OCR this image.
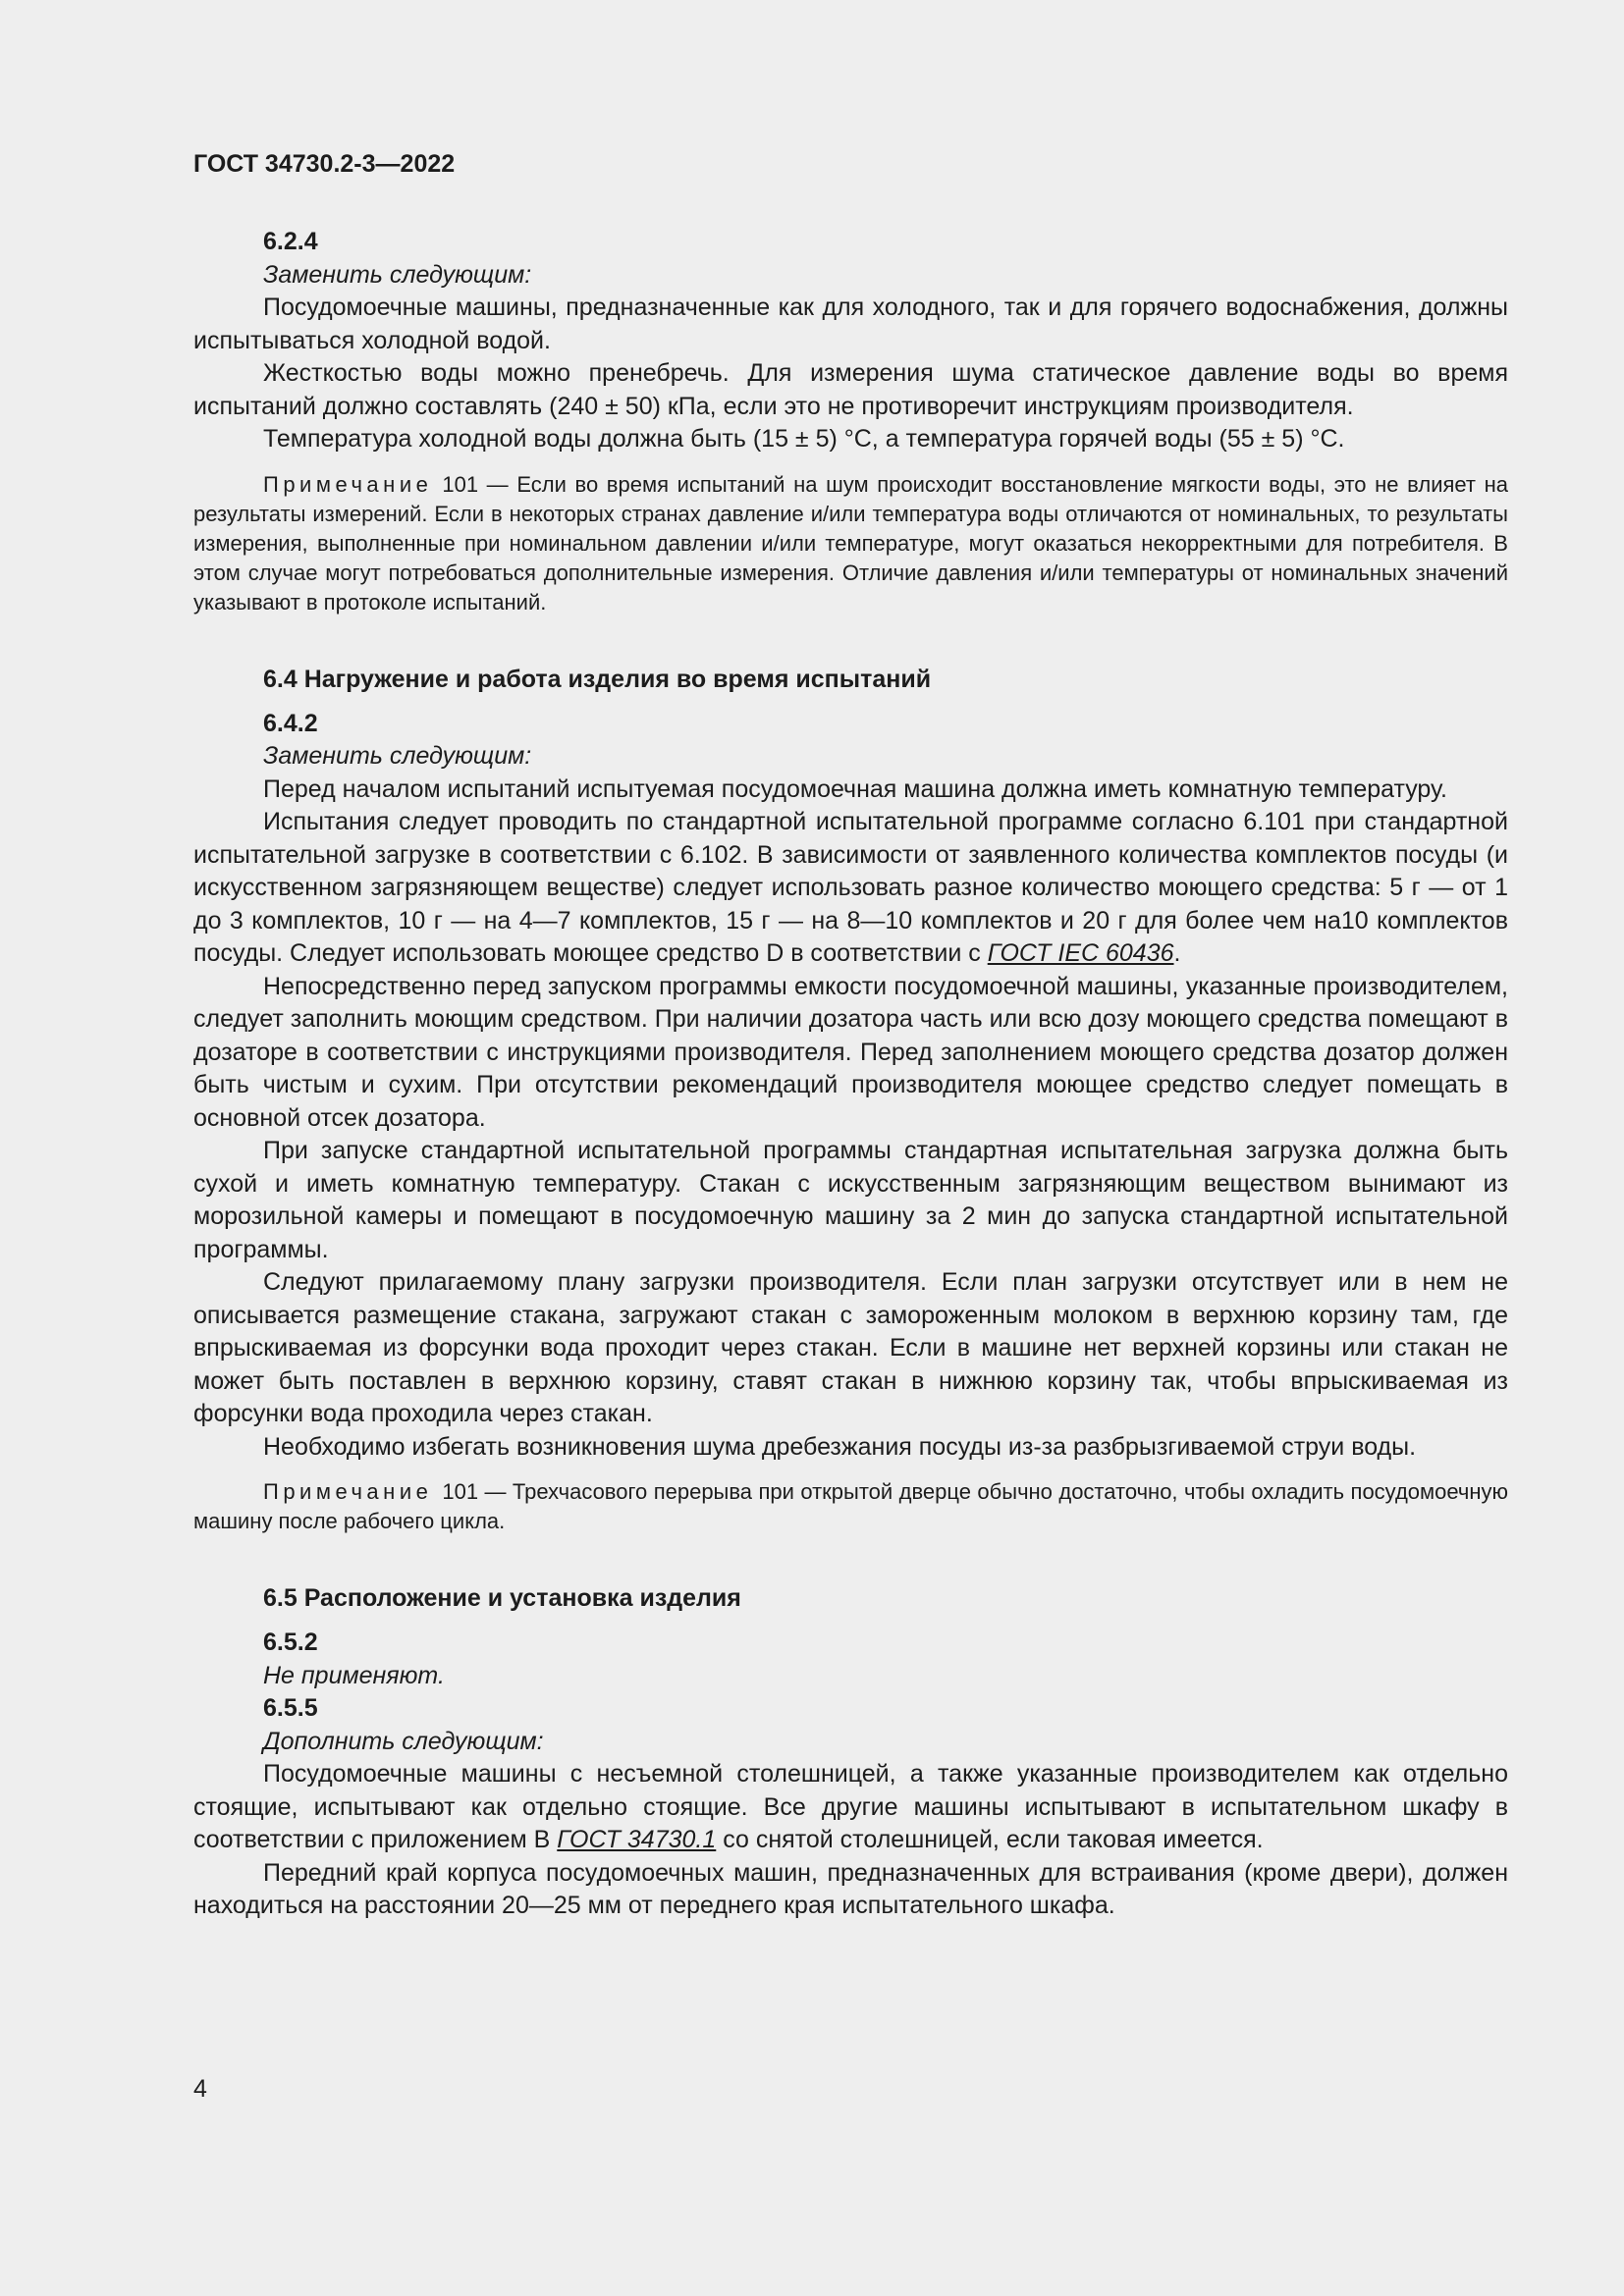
ГОСТ 34730.2-3—2022
6.2.4
Заменить следующим:

Посудомоечные машины, предназначенные как для холодного, так и для горячего водоснабжения, должны испытываться холодной водой.

Жесткостью воды можно пренебречь. Для измерения шума статическое давление воды во время испытаний должно составлять (240 ± 50) кПа, если это не противоречит инструкциям производителя.

Температура холодной воды должна быть (15 ± 5) °С, а температура горячей воды (55 ± 5) °С.

Примечание 101 — Если во время испытаний на шум происходит восстановление мягкости воды, это не влияет на результаты измерений. Если в некоторых странах давление и/или температура воды отличаются от номинальных, то результаты измерения, выполненные при номинальном давлении и/или температуре, могут оказаться некорректными для потребителя. В этом случае могут потребоваться дополнительные измерения. Отличие давления и/или температуры от номинальных значений указывают в протоколе испытаний.

6.4 Нагружение и работа изделия во время испытаний
6.4.2
Заменить следующим:

Перед началом испытаний испытуемая посудомоечная машина должна иметь комнатную температуру.

Испытания следует проводить по стандартной испытательной программе согласно 6.101 при стандартной испытательной загрузке в соответствии с 6.102. В зависимости от заявленного количества комплектов посуды (и искусственном загрязняющем веществе) следует использовать разное количество моющего средства: 5 г — от 1 до 3 комплектов, 10 г — на 4—7 комплектов, 15 г — на 8—10 комплектов и 20 г для более чем на10 комплектов посуды. Следует использовать моющее средство D в соответствии с ГОСТ IEC 60436.

Непосредственно перед запуском программы емкости посудомоечной машины, указанные производителем, следует заполнить моющим средством. При наличии дозатора часть или всю дозу моющего средства помещают в дозаторе в соответствии с инструкциями производителя. Перед заполнением моющего средства дозатор должен быть чистым и сухим. При отсутствии рекомендаций производителя моющее средство следует помещать в основной отсек дозатора.

При запуске стандартной испытательной программы стандартная испытательная загрузка должна быть сухой и иметь комнатную температуру. Стакан с искусственным загрязняющим веществом вынимают из морозильной камеры и помещают в посудомоечную машину за 2 мин до запуска стандартной испытательной программы.

Следуют прилагаемому плану загрузки производителя. Если план загрузки отсутствует или в нем не описывается размещение стакана, загружают стакан с замороженным молоком в верхнюю корзину там, где впрыскиваемая из форсунки вода проходит через стакан. Если в машине нет верхней корзины или стакан не может быть поставлен в верхнюю корзину, ставят стакан в нижнюю корзину так, чтобы впрыскиваемая из форсунки вода проходила через стакан.

Необходимо избегать возникновения шума дребезжания посуды из-за разбрызгиваемой струи воды.

Примечание 101 — Трехчасового перерыва при открытой дверце обычно достаточно, чтобы охладить посудомоечную машину после рабочего цикла.

6.5 Расположение и установка изделия
6.5.2
Не применяют.
6.5.5
Дополнить следующим:

Посудомоечные машины с несъемной столешницей, а также указанные производителем как отдельно стоящие, испытывают как отдельно стоящие. Все другие машины испытывают в испытательном шкафу в соответствии с приложением В ГОСТ 34730.1 со снятой столешницей, если таковая имеется.

Передний край корпуса посудомоечных машин, предназначенных для встраивания (кроме двери), должен находиться на расстоянии 20—25 мм от переднего края испытательного шкафа.

4
